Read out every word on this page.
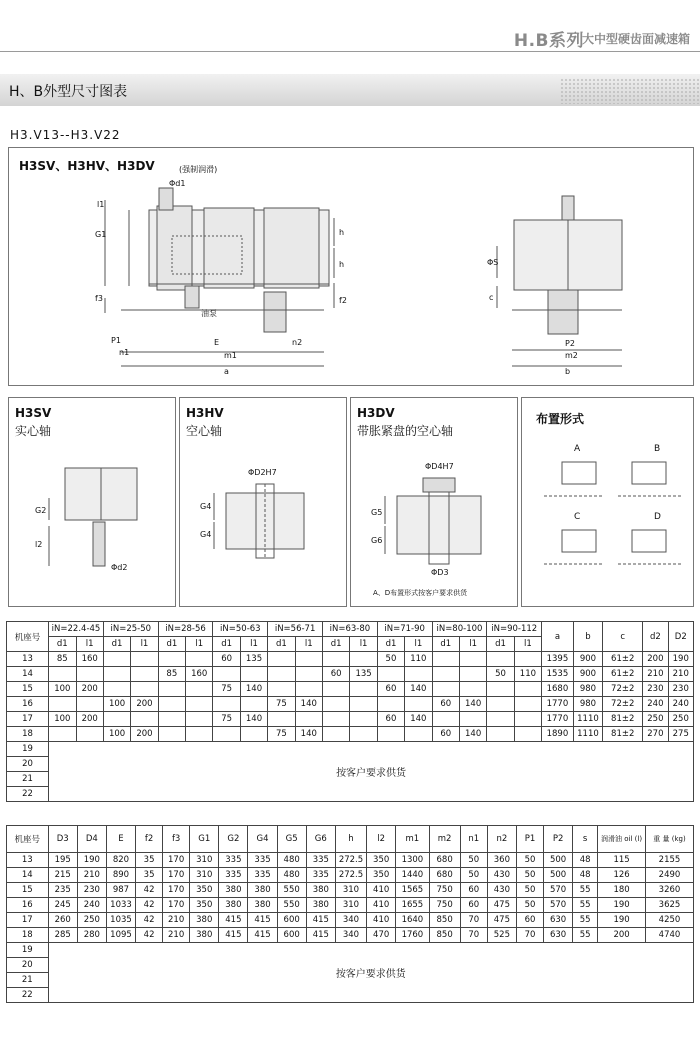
H.B系列
大中型硬齿面减速箱
H、B外型尺寸图表
H3.V13--H3.V22
H3SV、H3HV、H3DV	(强制润滑)
Φd1
l1
G1
f3
油泵
h
h
f2
P1
n1
E	n2
m1
a
ΦS
c
P2
m2
b
H3SV
实心轴
G2
l2
Φd2
H3HV
空心轴
ΦD2H7
G4
G4
H3DV
带胀紧盘的空心轴
ΦD4H7
G5
G6
ΦD3
A、D布置形式按客户要求供货
布置形式
A	B
C	D
机座号	iN=22.4-45		iN=25-50		iN=28-56		iN=50-63		iN=56-71		iN=63-80		iN=71-90		iN=80-100		iN=90-112		a	b	c	d2	D2
	d1	l1	d1	l1	d1	l1	d1	l1	d1	l1	d1	l1	d1	l1	d1	l1	d1	l1					
13	85	160					60	135					50	110					1395	900	61±2	200	190
14					85	160					60	135					50	110	1535	900	61±2	210	210
15	100	200					75	140					60	140					1680	980	72±2	230	230
16			100	200					75	140					60	140			1770	980	72±2	240	240
17	100	200					75	140					60	140					1770	1110	81±2	250	250
18			100	200					75	140					60	140			1890	1110	81±2	270	275
19	按客户要求供货																						
20																							
21																							
22																							
机座号	D3	D4	E	f2	f3	G1	G2	G4	G5	G6	h	l2	m1	m2	n1	n2	P1	P2	s	润滑油 oil (l)	重 量 (kg)
13	195	190	820	35	170	310	335	335	480	335	272.5	350	1300	680	50	360	50	500	48	115	2155
14	215	210	890	35	170	310	335	335	480	335	272.5	350	1440	680	50	430	50	500	48	126	2490
15	235	230	987	42	170	350	380	380	550	380	310	410	1565	750	60	430	50	570	55	180	3260
16	245	240	1033	42	170	350	380	380	550	380	310	410	1655	750	60	475	50	570	55	190	3625
17	260	250	1035	42	210	380	415	415	600	415	340	410	1640	850	70	475	60	630	55	190	4250
18	285	280	1095	42	210	380	415	415	600	415	340	470	1760	850	70	525	70	630	55	200	4740
19	按客户要求供货																				
20																					
21																					
22																					
